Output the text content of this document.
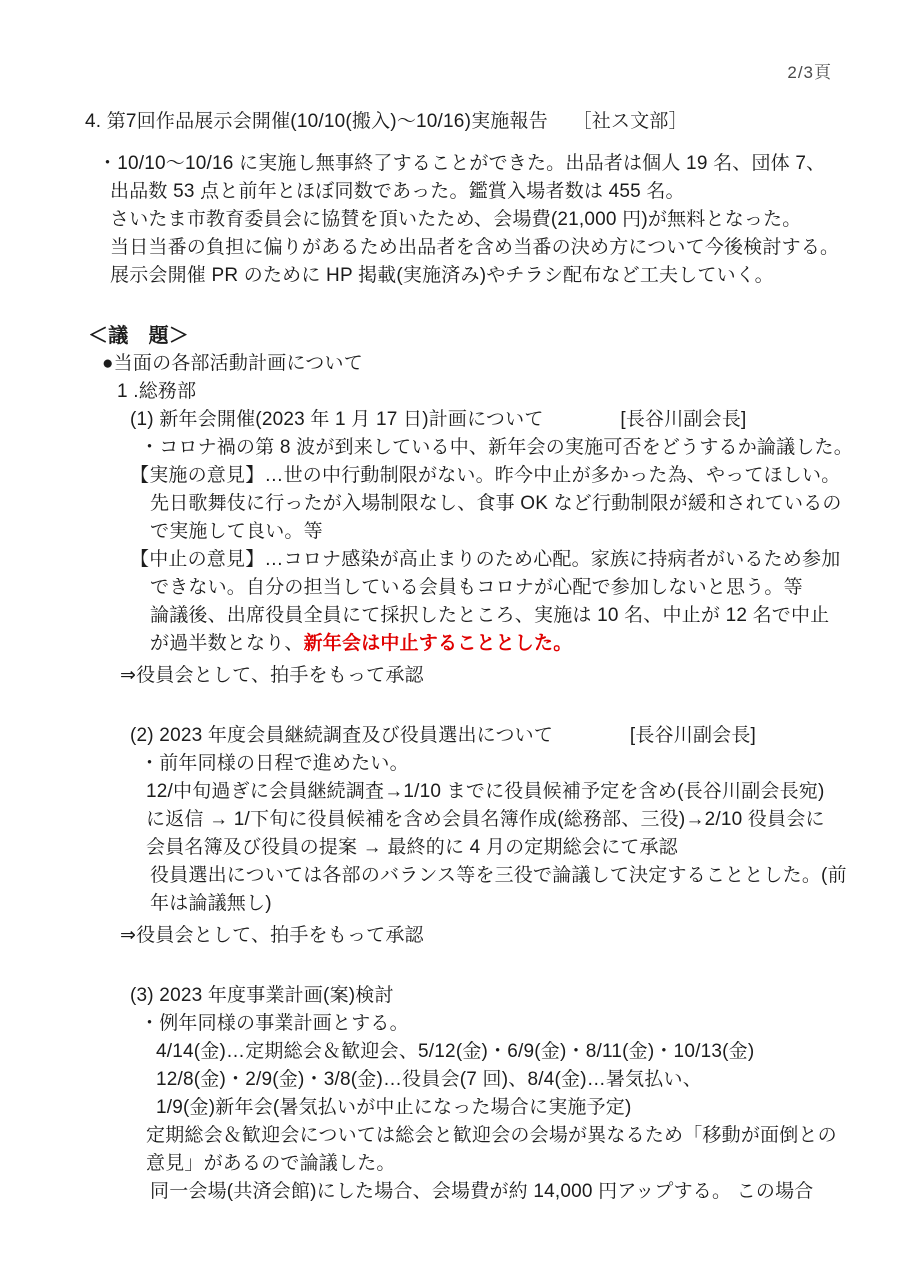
2/3頁
4. 第7回作品展示会開催(10/10(搬入)～10/16)実施報告　 ［社ス文部］
・10/10～10/16 に実施し無事終了することができた。出品者は個人 19 名、団体 7、
出品数 53 点と前年とほぼ同数であった。鑑賞入場者数は 455 名。
さいたま市教育委員会に協賛を頂いたため、会場費(21,000 円)が無料となった。
当日当番の負担に偏りがあるため出品者を含め当番の決め方について今後検討する。
展示会開催 PR のために HP 掲載(実施済み)やチラシ配布など工夫していく。
＜議　題＞
●当面の各部活動計画について
1 .総務部
(1) 新年会開催(2023 年 1 月 17 日)計画について　　　　[長谷川副会長]
・コロナ禍の第 8 波が到来している中、新年会の実施可否をどうするか論議した。
【実施の意見】…世の中行動制限がない。昨今中止が多かった為、やってほしい。
先日歌舞伎に行ったが入場制限なし、食事 OK など行動制限が緩和されているの
で実施して良い。等
【中止の意見】…コロナ感染が高止まりのため心配。家族に持病者がいるため参加
できない。自分の担当している会員もコロナが心配で参加しないと思う。等
論議後、出席役員全員にて採択したところ、実施は 10 名、中止が 12 名で中止
が過半数となり、新年会は中止することとした。
⇒役員会として、拍手をもって承認
(2) 2023 年度会員継続調査及び役員選出について　　　　[長谷川副会長]
・前年同様の日程で進めたい。
12/中旬過ぎに会員継続調査→1/10 までに役員候補予定を含め(長谷川副会長宛)
に返信 → 1/下旬に役員候補を含め会員名簿作成(総務部、三役)→2/10 役員会に
会員名簿及び役員の提案 → 最終的に 4 月の定期総会にて承認
役員選出については各部のバランス等を三役で論議して決定することとした。(前
年は論議無し)
⇒役員会として、拍手をもって承認
(3) 2023 年度事業計画(案)検討
・例年同様の事業計画とする。
4/14(金)…定期総会＆歓迎会、5/12(金)・6/9(金)・8/11(金)・10/13(金)
12/8(金)・2/9(金)・3/8(金)…役員会(7 回)、8/4(金)…暑気払い、
1/9(金)新年会(暑気払いが中止になった場合に実施予定)
定期総会＆歓迎会については総会と歓迎会の会場が異なるため「移動が面倒との
意見」があるので論議した。
同一会場(共済会館)にした場合、会場費が約 14,000 円アップする。 この場合
